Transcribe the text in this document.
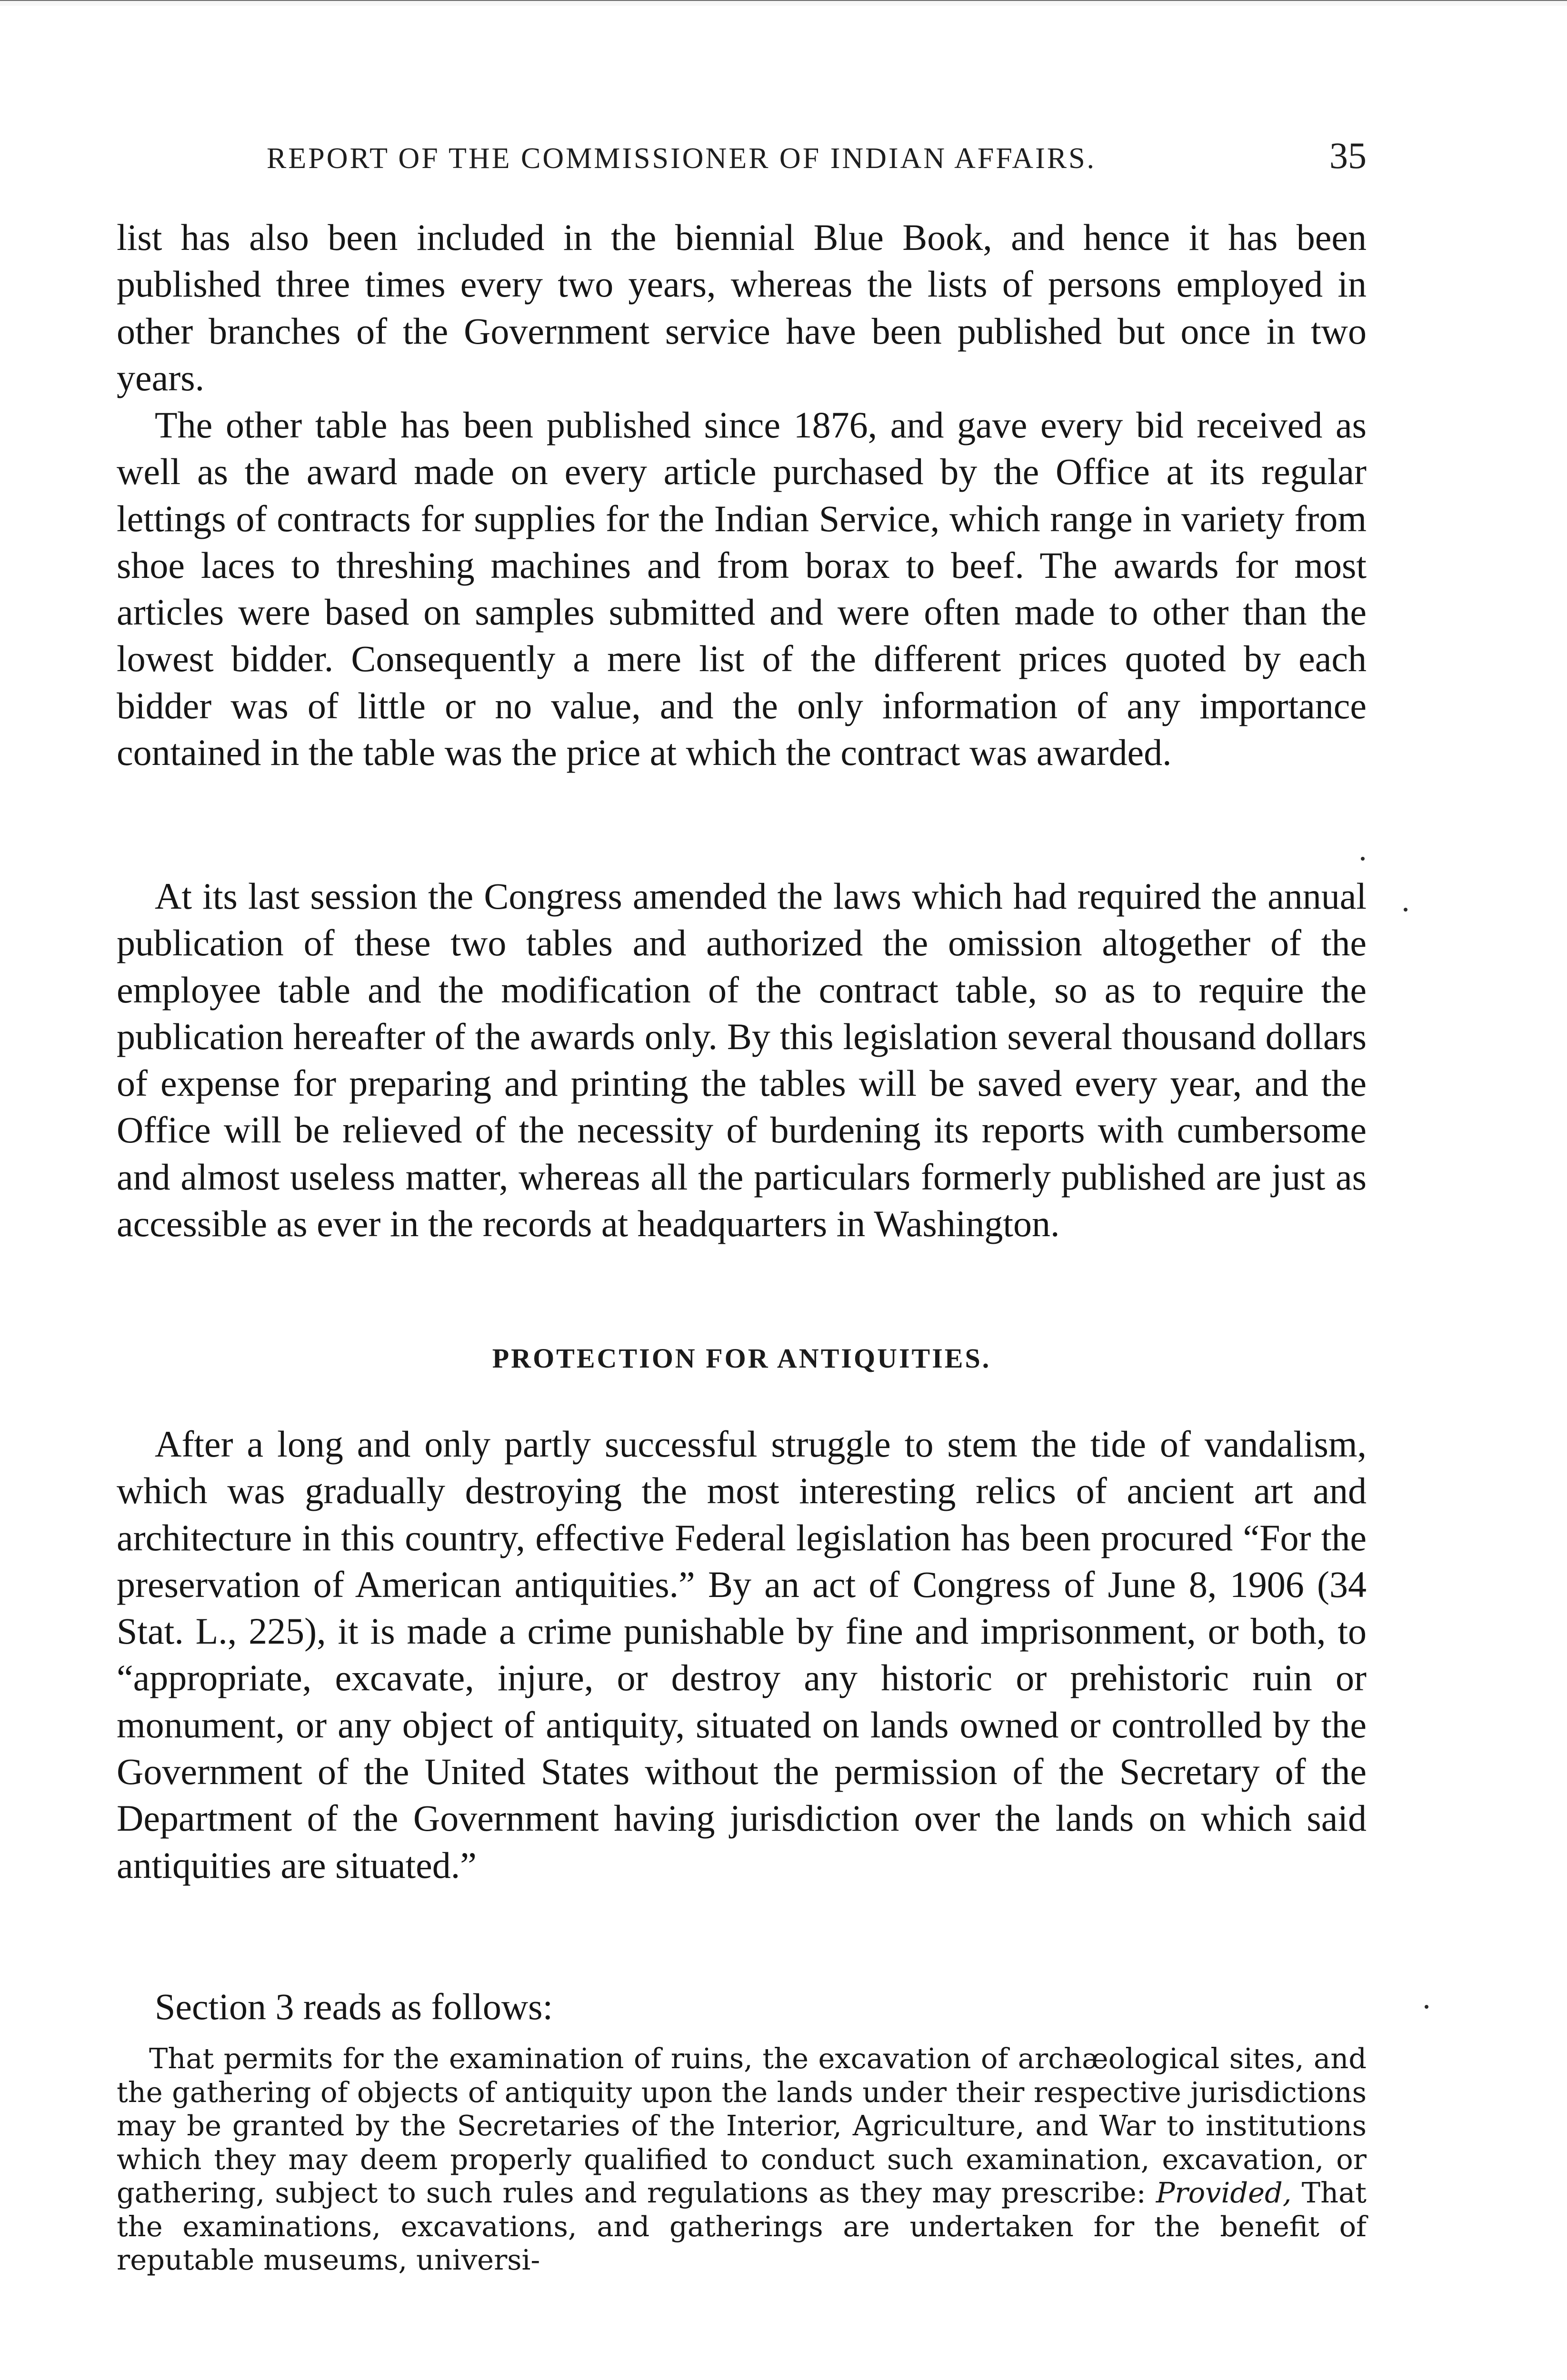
REPORT OF THE COMMISSIONER OF INDIAN AFFAIRS.	35

list has also been included in the biennial Blue Book, and hence it has been published three times every two years, whereas the lists of persons employed in other branches of the Government service have been published but once in two years.

The other table has been published since 1876, and gave every bid received as well as the award made on every article purchased by the Office at its regular lettings of contracts for supplies for the Indian Service, which range in variety from shoe laces to threshing machines and from borax to beef. The awards for most articles were based on samples submitted and were often made to other than the lowest bidder. Consequently a mere list of the different prices quoted by each bidder was of little or no value, and the only information of any importance contained in the table was the price at which the contract was awarded.

At its last session the Congress amended the laws which had required the annual publication of these two tables and authorized the omission altogether of the employee table and the modification of the contract table, so as to require the publication hereafter of the awards only. By this legislation several thousand dollars of expense for preparing and printing the tables will be saved every year, and the Office will be relieved of the necessity of burdening its reports with cumbersome and almost useless matter, whereas all the particulars formerly published are just as accessible as ever in the records at headquarters in Washington.

PROTECTION FOR ANTIQUITIES.

After a long and only partly successful struggle to stem the tide of vandalism, which was gradually destroying the most interesting relics of ancient art and architecture in this country, effective Federal legislation has been procured “For the preservation of American antiquities.” By an act of Congress of June 8, 1906 (34 Stat. L., 225), it is made a crime punishable by fine and imprisonment, or both, to “appropriate, excavate, injure, or destroy any historic or prehistoric ruin or monument, or any object of antiquity, situated on lands owned or controlled by the Government of the United States without the permission of the Secretary of the Department of the Government having jurisdiction over the lands on which said antiquities are situated.”

Section 3 reads as follows:

That permits for the examination of ruins, the excavation of archæological sites, and the gathering of objects of antiquity upon the lands under their respective jurisdictions may be granted by the Secretaries of the Interior, Agriculture, and War to institutions which they may deem properly qualified to conduct such examination, excavation, or gathering, subject to such rules and regulations as they may prescribe: Provided, That the examinations, excavations, and gatherings are undertaken for the benefit of reputable museums, universi-
